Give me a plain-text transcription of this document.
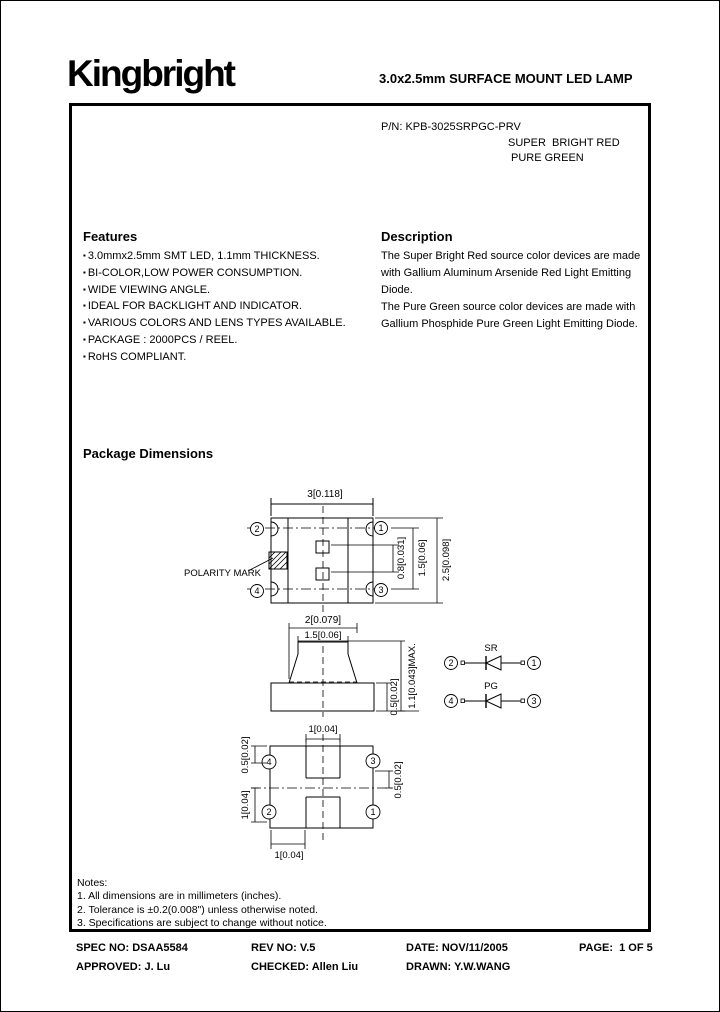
Kingbright	3.0x2.5mm SURFACE MOUNT LED LAMP
P/N: KPB-3025SRPGC-PRV
SUPER  BRIGHT RED
PURE GREEN
Features
▪ 3.0mmx2.5mm SMT LED, 1.1mm THICKNESS.
▪ BI-COLOR,LOW POWER CONSUMPTION.
▪ WIDE VIEWING ANGLE.
▪ IDEAL FOR BACKLIGHT AND INDICATOR.
▪ VARIOUS COLORS AND LENS TYPES AVAILABLE.
▪ PACKAGE : 2000PCS / REEL.
▪ RoHS COMPLIANT.
Description
The Super Bright Red source color devices are made
with Gallium Aluminum Arsenide Red Light Emitting
Diode.
The Pure Green source color devices are made with
Gallium Phosphide Pure Green Light Emitting Diode.
Package Dimensions
3[0.118]
POLARITY MARK
2	1
4	3
0.8[0.031] 1.5[0.06] 2.5[0.098]
2[0.079]
1.5[0.06]
0.5[0.02] 1.1[0.043]MAX.	SR
2	1
PG
4	3
1[0.04]
4	3
2	1
0.5[0.02]
1[0.04]
0.5[0.02]
1[0.04]
Notes:
1. All dimensions are in millimeters (inches).
2. Tolerance is ±0.2(0.008") unless otherwise noted.
3. Specifications are subject to change without notice.
SPEC NO: DSAA5584	REV NO: V.5	DATE: NOV/11/2005	PAGE:  1 OF 5
APPROVED: J. Lu	CHECKED: Allen Liu	DRAWN: Y.W.WANG
